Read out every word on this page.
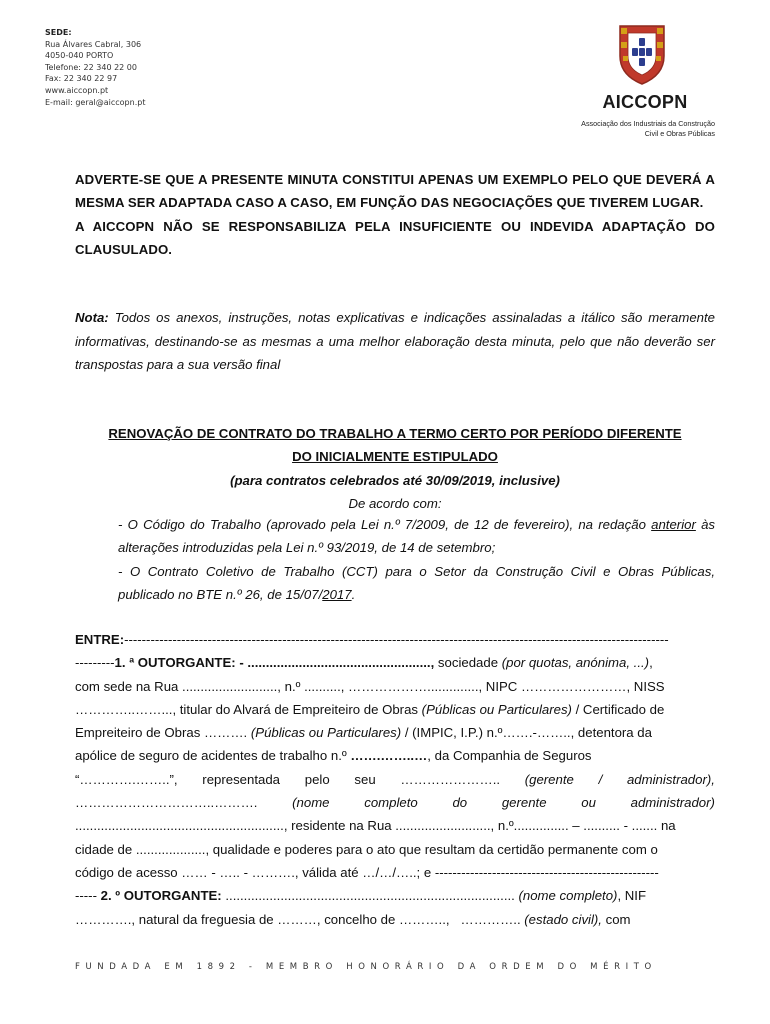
SEDE:
Rua Álvares Cabral, 306
4050-040 PORTO
Telefone: 22 340 22 00
Fax: 22 340 22 97
www.aiccopn.pt
E-mail: geral@aiccopn.pt	AICCOPN
Associação dos Industriais da Construção
Civil e Obras Públicas
ADVERTE-SE QUE A PRESENTE MINUTA CONSTITUI APENAS UM EXEMPLO PELO QUE DEVERÁ A MESMA SER ADAPTADA CASO A CASO, EM FUNÇÃO DAS NEGOCIAÇÕES QUE TIVEREM LUGAR.
A AICCOPN NÃO SE RESPONSABILIZA PELA INSUFICIENTE OU INDEVIDA ADAPTAÇÃO DO CLAUSULADO.
Nota: Todos os anexos, instruções, notas explicativas e indicações assinaladas a itálico são meramente informativas, destinando-se as mesmas a uma melhor elaboração desta minuta, pelo que não deverão ser transpostas para a sua versão final
RENOVAÇÃO DE CONTRATO DO TRABALHO A TERMO CERTO POR PERÍODO DIFERENTE
DO INICIALMENTE ESTIPULADO
(para contratos celebrados até 30/09/2019, inclusive)
De acordo com:
- O Código do Trabalho (aprovado pela Lei n.º 7/2009, de 12 de fevereiro), na redação anterior às alterações introduzidas pela Lei n.º 93/2019, de 14 de setembro;
- O Contrato Coletivo de Trabalho (CCT) para o Setor da Construção Civil e Obras Públicas, publicado no BTE n.º 26, de 15/07/2017.
ENTRE: ----------------------------------------------------------------------------------------------------------------------------
--------- 1. ª OUTORGANTE: - .................................................., sociedade (por quotas, anónima, ...) ,
com sede na Rua .........................., n.º .........., ……………….............., NIPC ……………………, NISS
…………..……..., titular do Alvará de Empreiteiro de Obras (Públicas ou Particulares) / Certificado de
Empreiteiro de Obras ………. (Públicas ou Particulares) / (IMPIC, I.P.) n.º…….-…….., detentora da
apólice de seguro de acidentes de trabalho n.º …….……..… , da Companhia de Seguros
“………….……..”, representada pelo seu ………………….. (gerente / administrador),
…………………………..……….	(nome	completo	do	gerente	ou	administrador)
........................................................., residente na Rua .........................., n.º............... – .......... - ....... na
cidade de ..................., qualidade e poderes para o ato que resultam da certidão permanente com o
código de acesso …… - ….. - ………., válida até …/…/…..; e ---------------------------------------------------
----- 2. º OUTORGANTE: ............................................................................... (nome completo) , NIF
…………., natural da freguesia de ………, concelho de ………..,   ………….. (estado civil), com
FUNDADA EM 1892 - MEMBRO HONORÁRIO DA ORDEM DO MÉRITO
